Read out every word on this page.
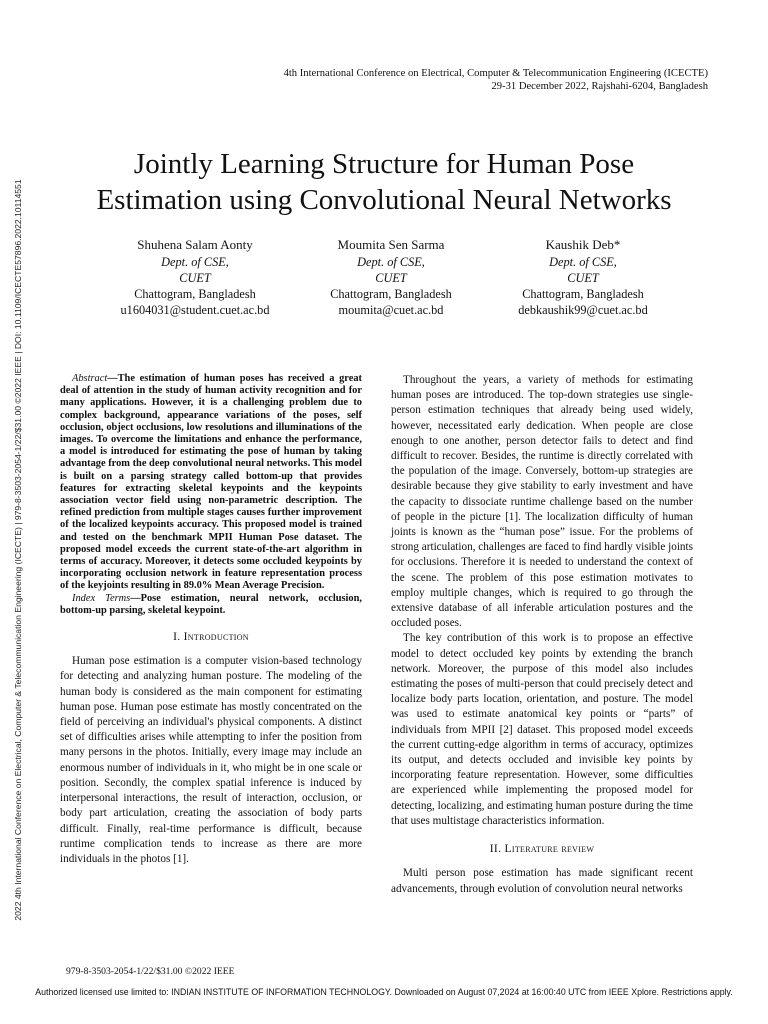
2022 4th International Conference on Electrical, Computer & Telecommunication Engineering (ICECTE) | 979-8-3503-2054-1/22/$31.00 ©2022 IEEE | DOI: 10.1109/ICECTE57896.2022.10114551
4th International Conference on Electrical, Computer & Telecommunication Engineering (ICECTE)
29-31 December 2022, Rajshahi-6204, Bangladesh
Jointly Learning Structure for Human Pose
Estimation using Convolutional Neural Networks
Shuhena Salam Aonty
Dept. of CSE,
CUET
Chattogram, Bangladesh
u1604031@student.cuet.ac.bd
Moumita Sen Sarma
Dept. of CSE,
CUET
Chattogram, Bangladesh
moumita@cuet.ac.bd
Kaushik Deb*
Dept. of CSE,
CUET
Chattogram, Bangladesh
debkaushik99@cuet.ac.bd

Abstract—The estimation of human poses has received a great deal of attention in the study of human activity recognition and for many applications. However, it is a challenging problem due to complex background, appearance variations of the poses, self occlusion, object occlusions, low resolutions and illuminations of the images. To overcome the limitations and enhance the performance, a model is introduced for estimating the pose of human by taking advantage from the deep convolutional neural networks. This model is built on a parsing strategy called bottom-up that provides features for extracting skeletal keypoints and the keypoints association vector field using non-parametric description. The refined prediction from multiple stages causes further improvement of the localized keypoints accuracy. This proposed model is trained and tested on the benchmark MPII Human Pose dataset. The proposed model exceeds the current state-of-the-art algorithm in terms of accuracy. Moreover, it detects some occluded keypoints by incorporating occlusion network in feature representation process of the keyjoints resulting in 89.0% Mean Average Precision.

Index Terms—Pose estimation, neural network, occlusion, bottom-up parsing, skeletal keypoint.

I. Introduction

Human pose estimation is a computer vision-based technology for detecting and analyzing human posture. The modeling of the human body is considered as the main component for estimating human pose. Human pose estimate has mostly concentrated on the field of perceiving an individual's physical components. A distinct set of difficulties arises while attempting to infer the position from many persons in the photos. Initially, every image may include an enormous number of individuals in it, who might be in one scale or position. Secondly, the complex spatial inference is induced by interpersonal interactions, the result of interaction, occlusion, or body part articulation, creating the association of body parts difficult. Finally, real-time performance is difficult, because runtime complication tends to increase as there are more individuals in the photos [1].

Throughout the years, a variety of methods for estimating human poses are introduced. The top-down strategies use single-person estimation techniques that already being used widely, however, necessitated early dedication. When people are close enough to one another, person detector fails to detect and find difficult to recover. Besides, the runtime is directly correlated with the population of the image. Conversely, bottom-up strategies are desirable because they give stability to early investment and have the capacity to dissociate runtime challenge based on the number of people in the picture [1]. The localization difficulty of human joints is known as the “human pose” issue. For the problems of strong articulation, challenges are faced to find hardly visible joints for occlusions. Therefore it is needed to understand the context of the scene. The problem of this pose estimation motivates to employ multiple changes, which is required to go through the extensive database of all inferable articulation postures and the occluded poses.

The key contribution of this work is to propose an effective model to detect occluded key points by extending the branch network. Moreover, the purpose of this model also includes estimating the poses of multi-person that could precisely detect and localize body parts location, orientation, and posture. The model was used to estimate anatomical key points or “parts” of individuals from MPII [2] dataset. This proposed model exceeds the current cutting-edge algorithm in terms of accuracy, optimizes its output, and detects occluded and invisible key points by incorporating feature representation. However, some difficulties are experienced while implementing the proposed model for detecting, localizing, and estimating human posture during the time that uses multistage characteristics information.

II. Literature review

Multi person pose estimation has made significant recent advancements, through evolution of convolution neural networks

979-8-3503-2054-1/22/$31.00 ©2022 IEEE
Authorized licensed use limited to: INDIAN INSTITUTE OF INFORMATION TECHNOLOGY. Downloaded on August 07,2024 at 16:00:40 UTC from IEEE Xplore. Restrictions apply.
